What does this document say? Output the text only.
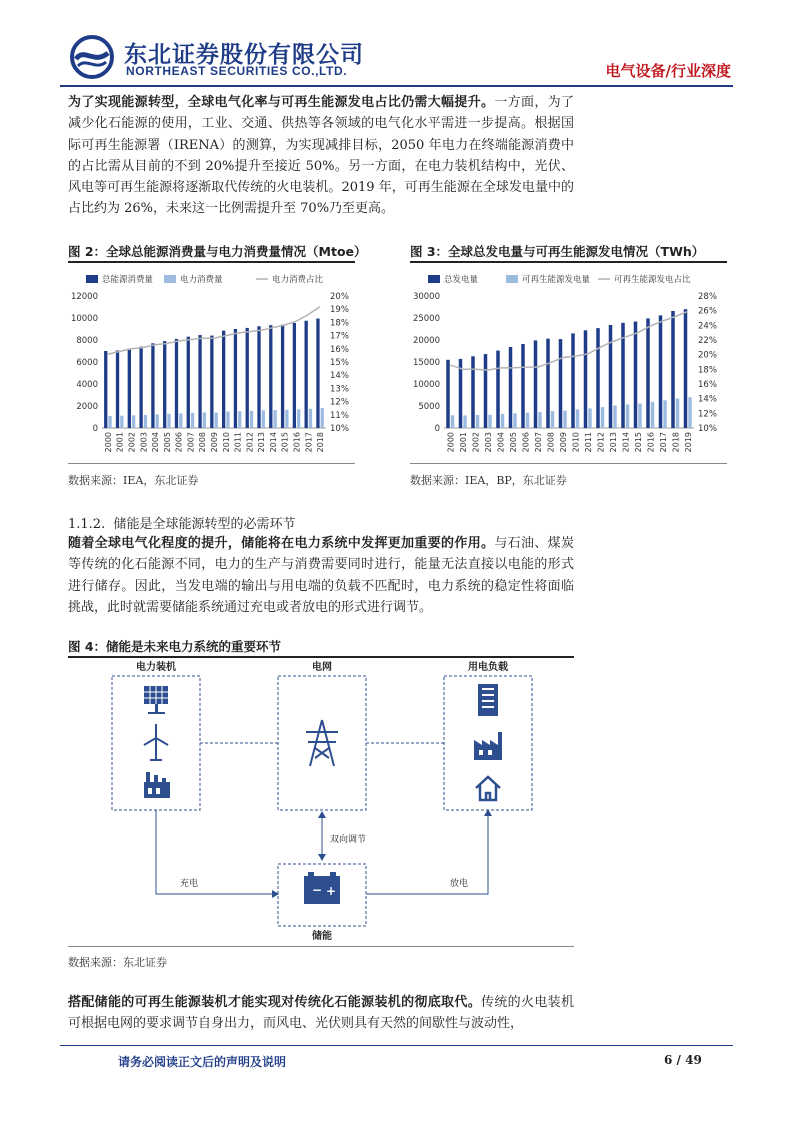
东北证券股份有限公司
NORTHEAST SECURITIES CO.,LTD.	电气设备/行业深度
为了实现能源转型，全球电气化率与可再生能源发电占比仍需大幅提升。一方面，为了减少化石能源的使用，工业、交通、供热等各领域的电气化水平需进一步提高。根据国际可再生能源署（IRENA）的测算，为实现减排目标，2050 年电力在终端能源消费中的占比需从目前的不到 20%提升至接近 50%。另一方面，在电力装机结构中，光伏、风电等可再生能源将逐渐取代传统的火电装机。2019 年，可再生能源在全球发电量中的占比约为 26%，未来这一比例需提升至 70%乃至更高。
图 2：全球总能源消费量与电力消费量情况（Mtoe）
总能源消费量	电力消费量	电力消费占比
0
2000
4000
6000
8000
10000
12000
10%
11%
12%
13%
14%
15%
16%
17%
18%
19%
20%
2000 2001 2002 2003 2004 2005 2006 2007 2008 2009 2010 2011 2012 2013 2014 2015 2016 2017 2018
数据来源：IEA，东北证券
图 3：全球总发电量与可再生能源发电情况（TWh）
总发电量	可再生能源发电量	可再生能源发电占比
0
5000
10000
15000
20000
25000
30000
10%
12%
14%
16%
18%
20%
22%
24%
26%
28%
2000 2001 2002 2003 2004 2005 2006 2007 2008 2009 2010 2011 2012 2013 2014 2015 2016 2017 2018 2019
数据来源：IEA，BP，东北证券
1.1.2. 储能是全球能源转型的必需环节
随着全球电气化程度的提升，储能将在电力系统中发挥更加重要的作用。与石油、煤炭等传统的化石能源不同，电力的生产与消费需要同时进行，能量无法直接以电能的形式进行储存。因此，当发电端的输出与用电端的负载不匹配时，电力系统的稳定性将面临挑战，此时就需要储能系统通过充电或者放电的形式进行调节。
图 4：储能是未来电力系统的重要环节
电力装机	电网	用电负载
双向调节
− +
储能
充电	放电
数据来源：东北证券
搭配储能的可再生能源装机才能实现对传统化石能源装机的彻底取代。传统的火电装机可根据电网的要求调节自身出力，而风电、光伏则具有天然的间歇性与波动性，
请务必阅读正文后的声明及说明	6 / 49
